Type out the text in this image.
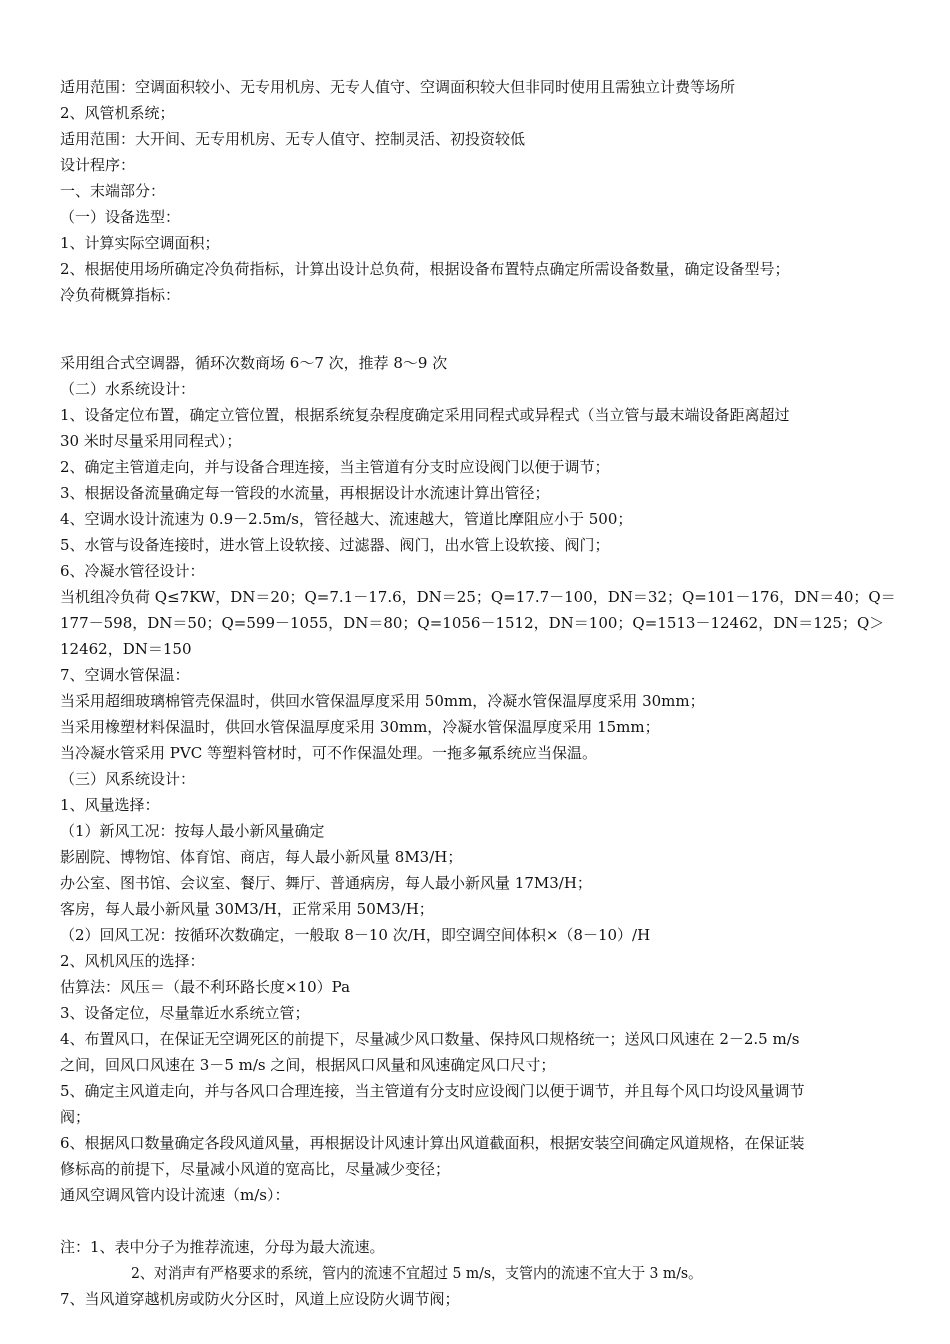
适用范围：空调面积较小、无专用机房、无专人值守、空调面积较大但非同时使用且需独立计费等场所
2、风管机系统；
适用范围：大开间、无专用机房、无专人值守、控制灵活、初投资较低
设计程序：
一、末端部分：
（一）设备选型：
1、计算实际空调面积；
2、根据使用场所确定冷负荷指标，计算出设计总负荷，根据设备布置特点确定所需设备数量，确定设备型号；
冷负荷概算指标：
采用组合式空调器，循环次数商场 6～7 次，推荐 8～9 次
（二）水系统设计：
1、设备定位布置，确定立管位置，根据系统复杂程度确定采用同程式或异程式（当立管与最末端设备距离超过
30 米时尽量采用同程式）；
2、确定主管道走向，并与设备合理连接，当主管道有分支时应设阀门以便于调节；
3、根据设备流量确定每一管段的水流量，再根据设计水流速计算出管径；
4、空调水设计流速为 0.9－2.5m/s，管径越大、流速越大，管道比摩阻应小于 500；
5、水管与设备连接时，进水管上设软接、过滤器、阀门，出水管上设软接、阀门；
6、冷凝水管径设计：
当机组冷负荷 Q≤7KW，DN＝20；Q=7.1－17.6，DN＝25；Q=17.7－100，DN＝32；Q=101－176，DN＝40；Q＝
177－598，DN＝50；Q=599－1055，DN＝80；Q=1056－1512，DN＝100；Q=1513－12462，DN＝125；Q＞
12462，DN＝150
7、空调水管保温：
当采用超细玻璃棉管壳保温时，供回水管保温厚度采用 50mm，冷凝水管保温厚度采用 30mm；
当采用橡塑材料保温时，供回水管保温厚度采用 30mm，冷凝水管保温厚度采用 15mm；
当冷凝水管采用 PVC 等塑料管材时，可不作保温处理。一拖多氟系统应当保温。
（三）风系统设计：
1、风量选择：
（1）新风工况：按每人最小新风量确定
影剧院、博物馆、体育馆、商店，每人最小新风量 8M3/H；
办公室、图书馆、会议室、餐厅、舞厅、普通病房，每人最小新风量 17M3/H；
客房，每人最小新风量 30M3/H，正常采用 50M3/H；
（2）回风工况：按循环次数确定，一般取 8－10 次/H，即空调空间体积×（8－10）/H
2、风机风压的选择：
估算法：风压＝（最不利环路长度×10）Pa
3、设备定位，尽量靠近水系统立管；
4、布置风口，在保证无空调死区的前提下，尽量减少风口数量、保持风口规格统一；送风口风速在 2－2.5 m/s
之间，回风口风速在 3－5 m/s 之间，根据风口风量和风速确定风口尺寸；
5、确定主风道走向，并与各风口合理连接，当主管道有分支时应设阀门以便于调节，并且每个风口均设风量调节
阀；
6、根据风口数量确定各段风道风量，再根据设计风速计算出风道截面积，根据安装空间确定风道规格，在保证装
修标高的前提下，尽量减小风道的宽高比，尽量减少变径；
通风空调风管内设计流速（m/s）：
注：1、表中分子为推荐流速，分母为最大流速。
2、对消声有严格要求的系统，管内的流速不宜超过 5 m/s，支管内的流速不宜大于 3 m/s。
7、当风道穿越机房或防火分区时，风道上应设防火调节阀；
